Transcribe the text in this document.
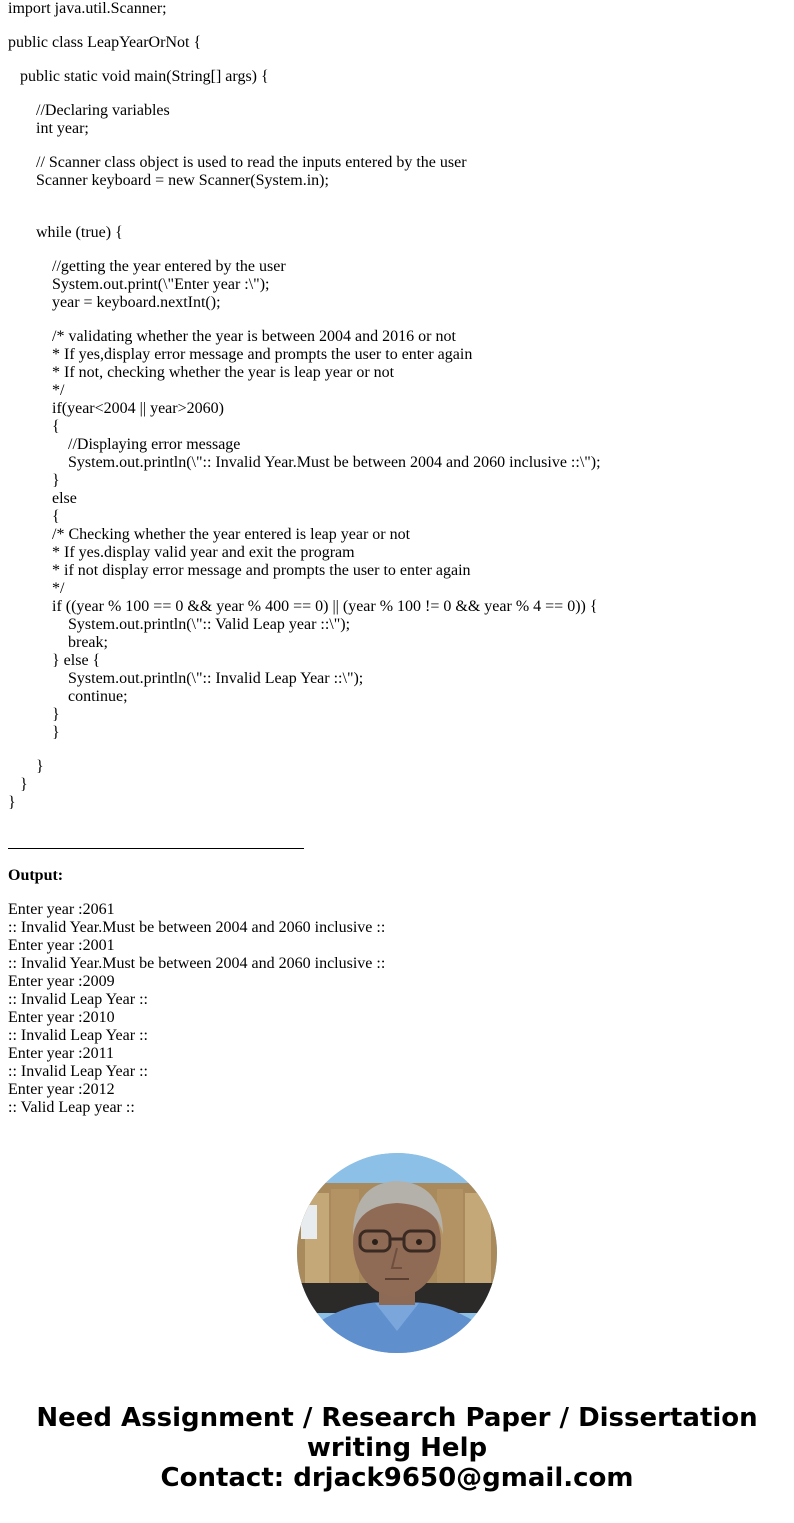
import java.util.Scanner;
public class LeapYearOrNot {
public static void main(String[] args) {
//Declaring variables
int year;
// Scanner class object is used to read the inputs entered by the user
Scanner keyboard = new Scanner(System.in);
while (true) {
//getting the year entered by the user
System.out.print(\"Enter year :\");
year = keyboard.nextInt();
/* validating whether the year is between 2004 and 2016 or not
* If yes,display error message and prompts the user to enter again
* If not, checking whether the year is leap year or not
*/
if(year<2004 || year>2060)
{
//Displaying error message
System.out.println(\":: Invalid Year.Must be between 2004 and 2060 inclusive ::\");
}
else
{
/* Checking whether the year entered is leap year or not
* If yes.display valid year and exit the program
* if not display error message and prompts the user to enter again
*/
if ((year % 100 == 0 && year % 400 == 0) || (year % 100 != 0 && year % 4 == 0)) {
System.out.println(\":: Valid Leap year ::\");
break;
} else {
System.out.println(\":: Invalid Leap Year ::\");
continue;
}
}
}
}
}
Output:
Enter year :2061
:: Invalid Year.Must be between 2004 and 2060 inclusive ::
Enter year :2001
:: Invalid Year.Must be between 2004 and 2060 inclusive ::
Enter year :2009
:: Invalid Leap Year ::
Enter year :2010
:: Invalid Leap Year ::
Enter year :2011
:: Invalid Leap Year ::
Enter year :2012
:: Valid Leap year ::
Need Assignment / Research Paper / Dissertation
writing Help
Contact: drjack9650@gmail.com
